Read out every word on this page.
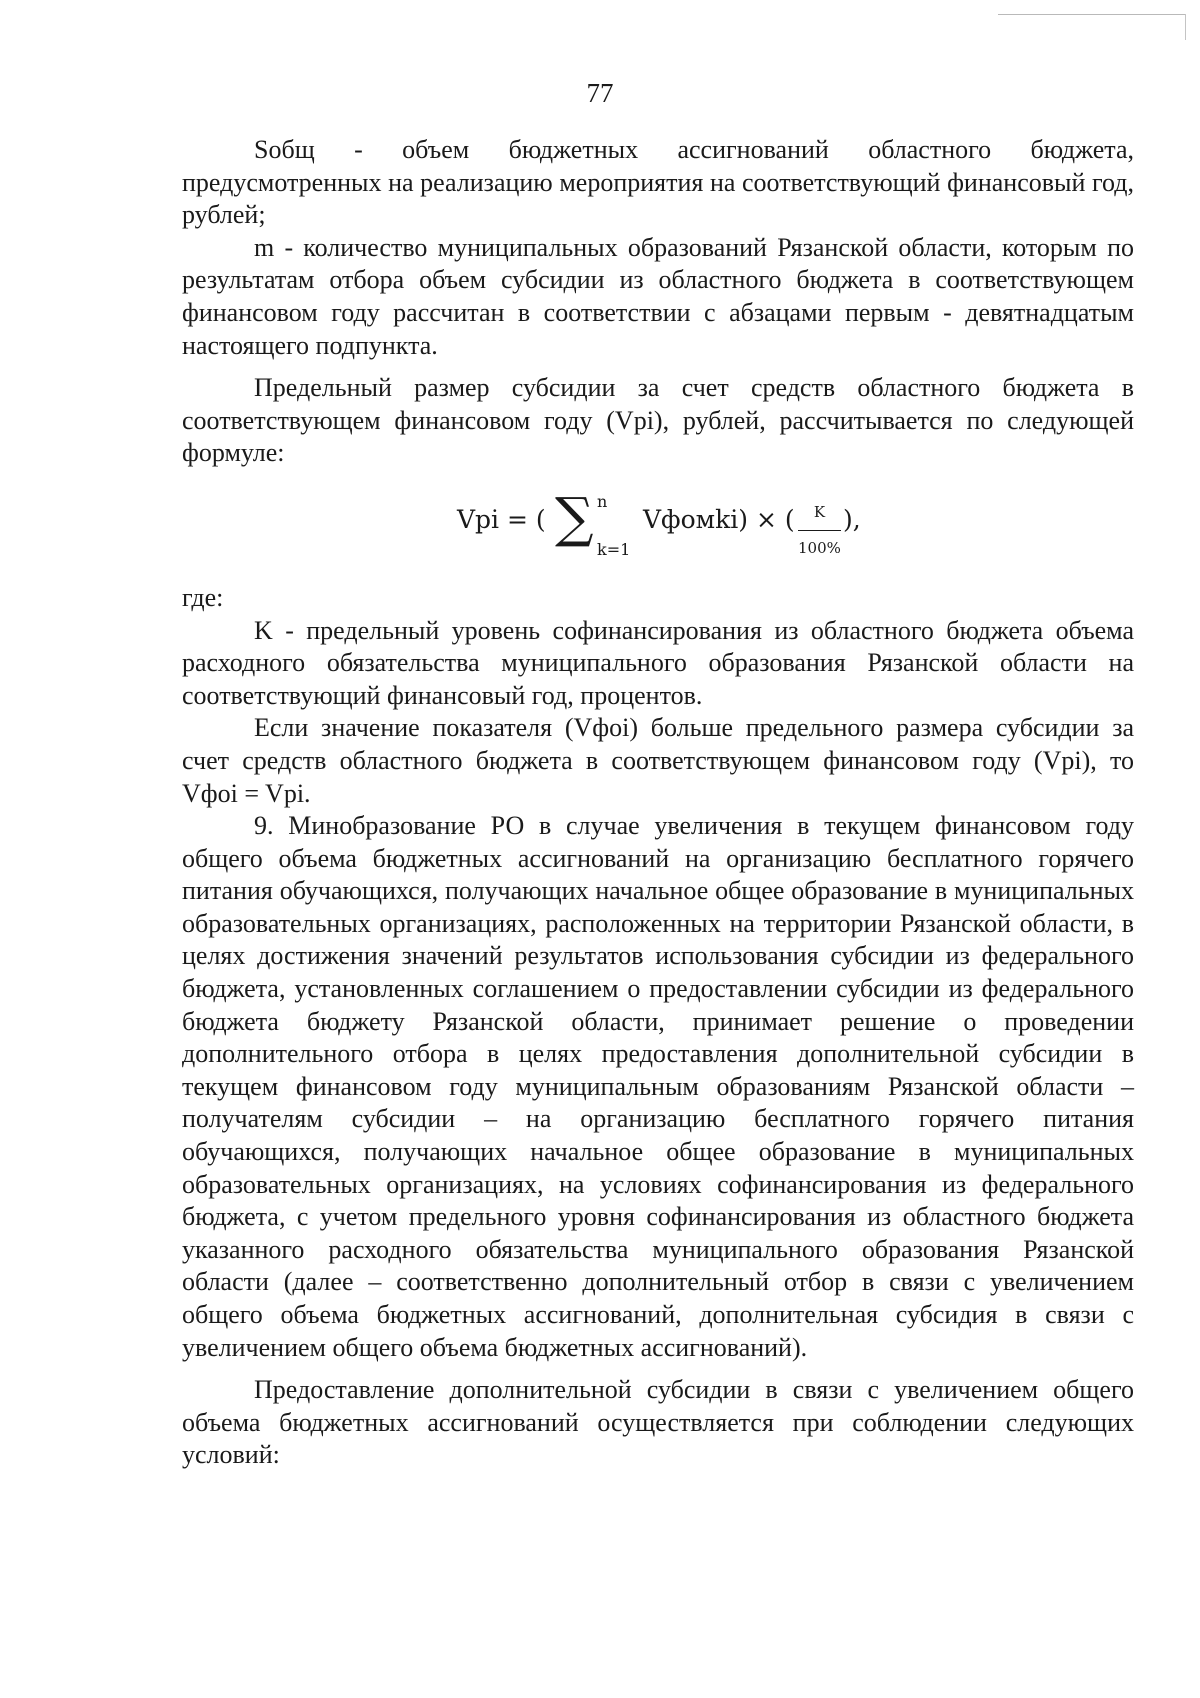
77

Sобщ - объем бюджетных ассигнований областного бюджета, предусмотренных на реализацию мероприятия на соответствующий финансовый год, рублей;

m - количество муниципальных образований Рязанской области, которым по результатам отбора объем субсидии из областного бюджета в соответствующем финансовом году рассчитан в соответствии с абзацами первым - девятнадцатым настоящего подпункта.

Предельный размер субсидии за счет средств областного бюджета в соответствующем финансовом году (Vpi), рублей, рассчитывается по следующей формуле:

Vpi = ( ∑ n
k=1
Vфомki) × ( $\frac{K}{100\%}$ ),

где:

K - предельный уровень софинансирования из областного бюджета объема расходного обязательства муниципального образования Рязанской области на соответствующий финансовый год, процентов.

Если значение показателя (Vфоi) больше предельного размера субсидии за счет средств областного бюджета в соответствующем финансовом году (Vpi), то Vфоi = Vpi.

9. Минобразование РО в случае увеличения в текущем финансовом году общего объема бюджетных ассигнований на организацию бесплатного горячего питания обучающихся, получающих начальное общее образование в муниципальных образовательных организациях, расположенных на территории Рязанской области, в целях достижения значений результатов использования субсидии из федерального бюджета, установленных соглашением о предоставлении субсидии из федерального бюджета бюджету Рязанской области, принимает решение о проведении дополнительного отбора в целях предоставления дополнительной субсидии в текущем финансовом году муниципальным образованиям Рязанской области – получателям субсидии – на организацию бесплатного горячего питания обучающихся, получающих начальное общее образование в муниципальных образовательных организациях, на условиях софинансирования из федерального бюджета, с учетом предельного уровня софинансирования из областного бюджета указанного расходного обязательства муниципального образования Рязанской области (далее – соответственно дополнительный отбор в связи с увеличением общего объема бюджетных ассигнований, дополнительная субсидия в связи с увеличением общего объема бюджетных ассигнований).

Предоставление дополнительной субсидии в связи с увеличением общего объема бюджетных ассигнований осуществляется при соблюдении следующих условий:
